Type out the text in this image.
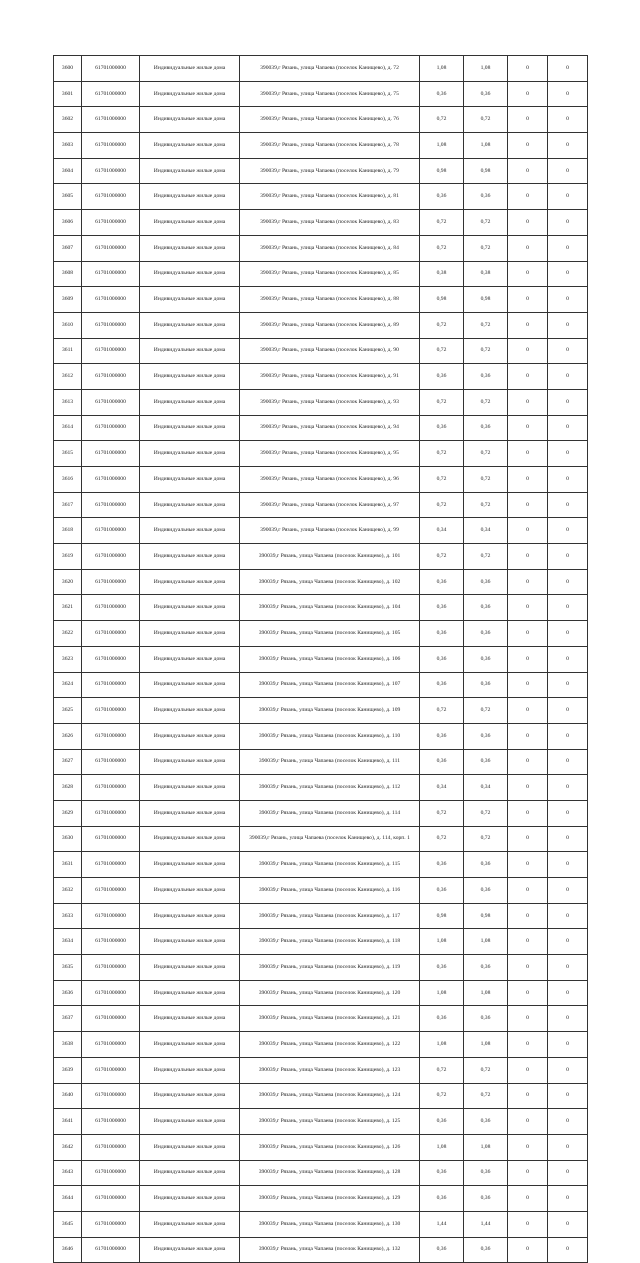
3600	61701000000	Индивидуальные жилые дома	390039,г Рязань, улица Чапаева (поселок Канищево), д. 72	1,08	1,08	0	0
3601	61701000000	Индивидуальные жилые дома	390039,г Рязань, улица Чапаева (поселок Канищево), д. 75	0,36	0,36	0	0
3602	61701000000	Индивидуальные жилые дома	390039,г Рязань, улица Чапаева (поселок Канищево), д. 76	0,72	0,72	0	0
3603	61701000000	Индивидуальные жилые дома	390039,г Рязань, улица Чапаева (поселок Канищево), д. 78	1,08	1,08	0	0
3604	61701000000	Индивидуальные жилые дома	390039,г Рязань, улица Чапаева (поселок Канищево), д. 79	0,98	0,98	0	0
3605	61701000000	Индивидуальные жилые дома	390039,г Рязань, улица Чапаева (поселок Канищево), д. 81	0,36	0,36	0	0
3606	61701000000	Индивидуальные жилые дома	390039,г Рязань, улица Чапаева (поселок Канищево), д. 83	0,72	0,72	0	0
3607	61701000000	Индивидуальные жилые дома	390039,г Рязань, улица Чапаева (поселок Канищево), д. 84	0,72	0,72	0	0
3608	61701000000	Индивидуальные жилые дома	390039,г Рязань, улица Чапаева (поселок Канищево), д. 85	0,38	0,38	0	0
3609	61701000000	Индивидуальные жилые дома	390039,г Рязань, улица Чапаева (поселок Канищево), д. 88	0,98	0,98	0	0
3610	61701000000	Индивидуальные жилые дома	390039,г Рязань, улица Чапаева (поселок Канищево), д. 89	0,72	0,72	0	0
3611	61701000000	Индивидуальные жилые дома	390039,г Рязань, улица Чапаева (поселок Канищево), д. 90	0,72	0,72	0	0
3612	61701000000	Индивидуальные жилые дома	390039,г Рязань, улица Чапаева (поселок Канищево), д. 91	0,36	0,36	0	0
3613	61701000000	Индивидуальные жилые дома	390039,г Рязань, улица Чапаева (поселок Канищево), д. 93	0,72	0,72	0	0
3614	61701000000	Индивидуальные жилые дома	390039,г Рязань, улица Чапаева (поселок Канищево), д. 94	0,36	0,36	0	0
3615	61701000000	Индивидуальные жилые дома	390039,г Рязань, улица Чапаева (поселок Канищево), д. 95	0,72	0,72	0	0
3616	61701000000	Индивидуальные жилые дома	390039,г Рязань, улица Чапаева (поселок Канищево), д. 96	0,72	0,72	0	0
3617	61701000000	Индивидуальные жилые дома	390039,г Рязань, улица Чапаева (поселок Канищево), д. 97	0,72	0,72	0	0
3618	61701000000	Индивидуальные жилые дома	390039,г Рязань, улица Чапаева (поселок Канищево), д. 99	0,34	0,34	0	0
3619	61701000000	Индивидуальные жилые дома	390039,г Рязань, улица Чапаева (поселок Канищево), д. 101	0,72	0,72	0	0
3620	61701000000	Индивидуальные жилые дома	390039,г Рязань, улица Чапаева (поселок Канищево), д. 102	0,36	0,36	0	0
3621	61701000000	Индивидуальные жилые дома	390039,г Рязань, улица Чапаева (поселок Канищево), д. 104	0,36	0,36	0	0
3622	61701000000	Индивидуальные жилые дома	390039,г Рязань, улица Чапаева (поселок Канищево), д. 105	0,36	0,36	0	0
3623	61701000000	Индивидуальные жилые дома	390039,г Рязань, улица Чапаева (поселок Канищево), д. 106	0,36	0,36	0	0
3624	61701000000	Индивидуальные жилые дома	390039,г Рязань, улица Чапаева (поселок Канищево), д. 107	0,36	0,36	0	0
3625	61701000000	Индивидуальные жилые дома	390039,г Рязань, улица Чапаева (поселок Канищево), д. 109	0,72	0,72	0	0
3626	61701000000	Индивидуальные жилые дома	390039,г Рязань, улица Чапаева (поселок Канищево), д. 110	0,36	0,36	0	0
3627	61701000000	Индивидуальные жилые дома	390039,г Рязань, улица Чапаева (поселок Канищево), д. 111	0,36	0,36	0	0
3628	61701000000	Индивидуальные жилые дома	390039,г Рязань, улица Чапаева (поселок Канищево), д. 112	0,34	0,34	0	0
3629	61701000000	Индивидуальные жилые дома	390039,г Рязань, улица Чапаева (поселок Канищево), д. 114	0,72	0,72	0	0
3630	61701000000	Индивидуальные жилые дома	390039,г Рязань, улица Чапаева (поселок Канищево), д. 114, корп. 1	0,72	0,72	0	0
3631	61701000000	Индивидуальные жилые дома	390039,г Рязань, улица Чапаева (поселок Канищево), д. 115	0,36	0,36	0	0
3632	61701000000	Индивидуальные жилые дома	390039,г Рязань, улица Чапаева (поселок Канищево), д. 116	0,36	0,36	0	0
3633	61701000000	Индивидуальные жилые дома	390039,г Рязань, улица Чапаева (поселок Канищево), д. 117	0,98	0,98	0	0
3634	61701000000	Индивидуальные жилые дома	390039,г Рязань, улица Чапаева (поселок Канищево), д. 118	1,08	1,08	0	0
3635	61701000000	Индивидуальные жилые дома	390039,г Рязань, улица Чапаева (поселок Канищево), д. 119	0,36	0,36	0	0
3636	61701000000	Индивидуальные жилые дома	390039,г Рязань, улица Чапаева (поселок Канищево), д. 120	1,08	1,08	0	0
3637	61701000000	Индивидуальные жилые дома	390039,г Рязань, улица Чапаева (поселок Канищево), д. 121	0,36	0,36	0	0
3638	61701000000	Индивидуальные жилые дома	390039,г Рязань, улица Чапаева (поселок Канищево), д. 122	1,08	1,08	0	0
3639	61701000000	Индивидуальные жилые дома	390039,г Рязань, улица Чапаева (поселок Канищево), д. 123	0,72	0,72	0	0
3640	61701000000	Индивидуальные жилые дома	390039,г Рязань, улица Чапаева (поселок Канищево), д. 124	0,72	0,72	0	0
3641	61701000000	Индивидуальные жилые дома	390039,г Рязань, улица Чапаева (поселок Канищево), д. 125	0,36	0,36	0	0
3642	61701000000	Индивидуальные жилые дома	390039,г Рязань, улица Чапаева (поселок Канищево), д. 126	1,08	1,08	0	0
3643	61701000000	Индивидуальные жилые дома	390039,г Рязань, улица Чапаева (поселок Канищево), д. 128	0,36	0,36	0	0
3644	61701000000	Индивидуальные жилые дома	390039,г Рязань, улица Чапаева (поселок Канищево), д. 129	0,36	0,36	0	0
3645	61701000000	Индивидуальные жилые дома	390039,г Рязань, улица Чапаева (поселок Канищево), д. 130	1,44	1,44	0	0
3646	61701000000	Индивидуальные жилые дома	390039,г Рязань, улица Чапаева (поселок Канищево), д. 132	0,36	0,36	0	0
